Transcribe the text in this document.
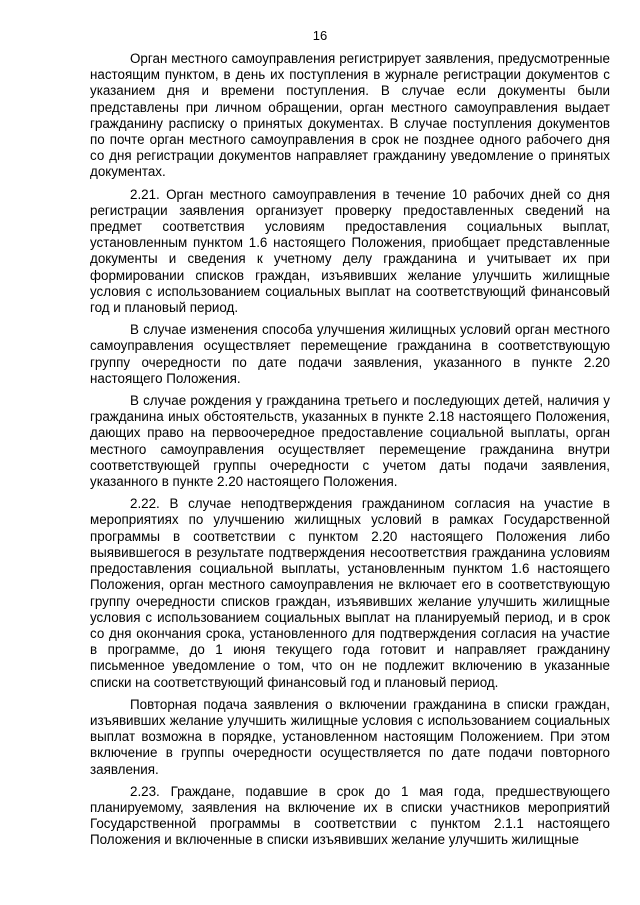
16

Орган местного самоуправления регистрирует заявления, предусмотренные настоящим пунктом, в день их поступления в журнале регистрации документов с указанием дня и времени поступления. В случае если документы были представлены при личном обращении, орган местного самоуправления выдает гражданину расписку о принятых документах. В случае поступления документов по почте орган местного самоуправления в срок не позднее одного рабочего дня со дня регистрации документов направляет гражданину уведомление о принятых документах.

2.21. Орган местного самоуправления в течение 10 рабочих дней со дня регистрации заявления организует проверку предоставленных сведений на предмет соответствия условиям предоставления социальных выплат, установленным пунктом 1.6 настоящего Положения, приобщает представленные документы и сведения к учетному делу гражданина и учитывает их при формировании списков граждан, изъявивших желание улучшить жилищные условия с использованием социальных выплат на соответствующий финансовый год и плановый период.

В случае изменения способа улучшения жилищных условий орган местного самоуправления осуществляет перемещение гражданина в соответствующую группу очередности по дате подачи заявления, указанного в пункте 2.20 настоящего Положения.

В случае рождения у гражданина третьего и последующих детей, наличия у гражданина иных обстоятельств, указанных в пункте 2.18 настоящего Положения, дающих право на первоочередное предоставление социальной выплаты, орган местного самоуправления осуществляет перемещение гражданина внутри соответствующей группы очередности с учетом даты подачи заявления, указанного в пункте 2.20 настоящего Положения.

2.22. В случае неподтверждения гражданином согласия на участие в мероприятиях по улучшению жилищных условий в рамках Государственной программы в соответствии с пунктом 2.20 настоящего Положения либо выявившегося в результате подтверждения несоответствия гражданина условиям предоставления социальной выплаты, установленным пунктом 1.6 настоящего Положения, орган местного самоуправления не включает его в соответствующую группу очередности списков граждан, изъявивших желание улучшить жилищные условия с использованием социальных выплат на планируемый период, и в срок со дня окончания срока, установленного для подтверждения согласия на участие в программе, до 1 июня текущего года готовит и направляет гражданину письменное уведомление о том, что он не подлежит включению в указанные списки на соответствующий финансовый год и плановый период.

Повторная подача заявления о включении гражданина в списки граждан, изъявивших желание улучшить жилищные условия с использованием социальных выплат возможна в порядке, установленном настоящим Положением. При этом включение в группы очередности осуществляется по дате подачи повторного заявления.

2.23. Граждане, подавшие в срок до 1 мая года, предшествующего планируемому, заявления на включение их в списки участников мероприятий Государственной программы в соответствии с пунктом 2.1.1 настоящего Положения и включенные в списки изъявивших желание улучшить жилищные
